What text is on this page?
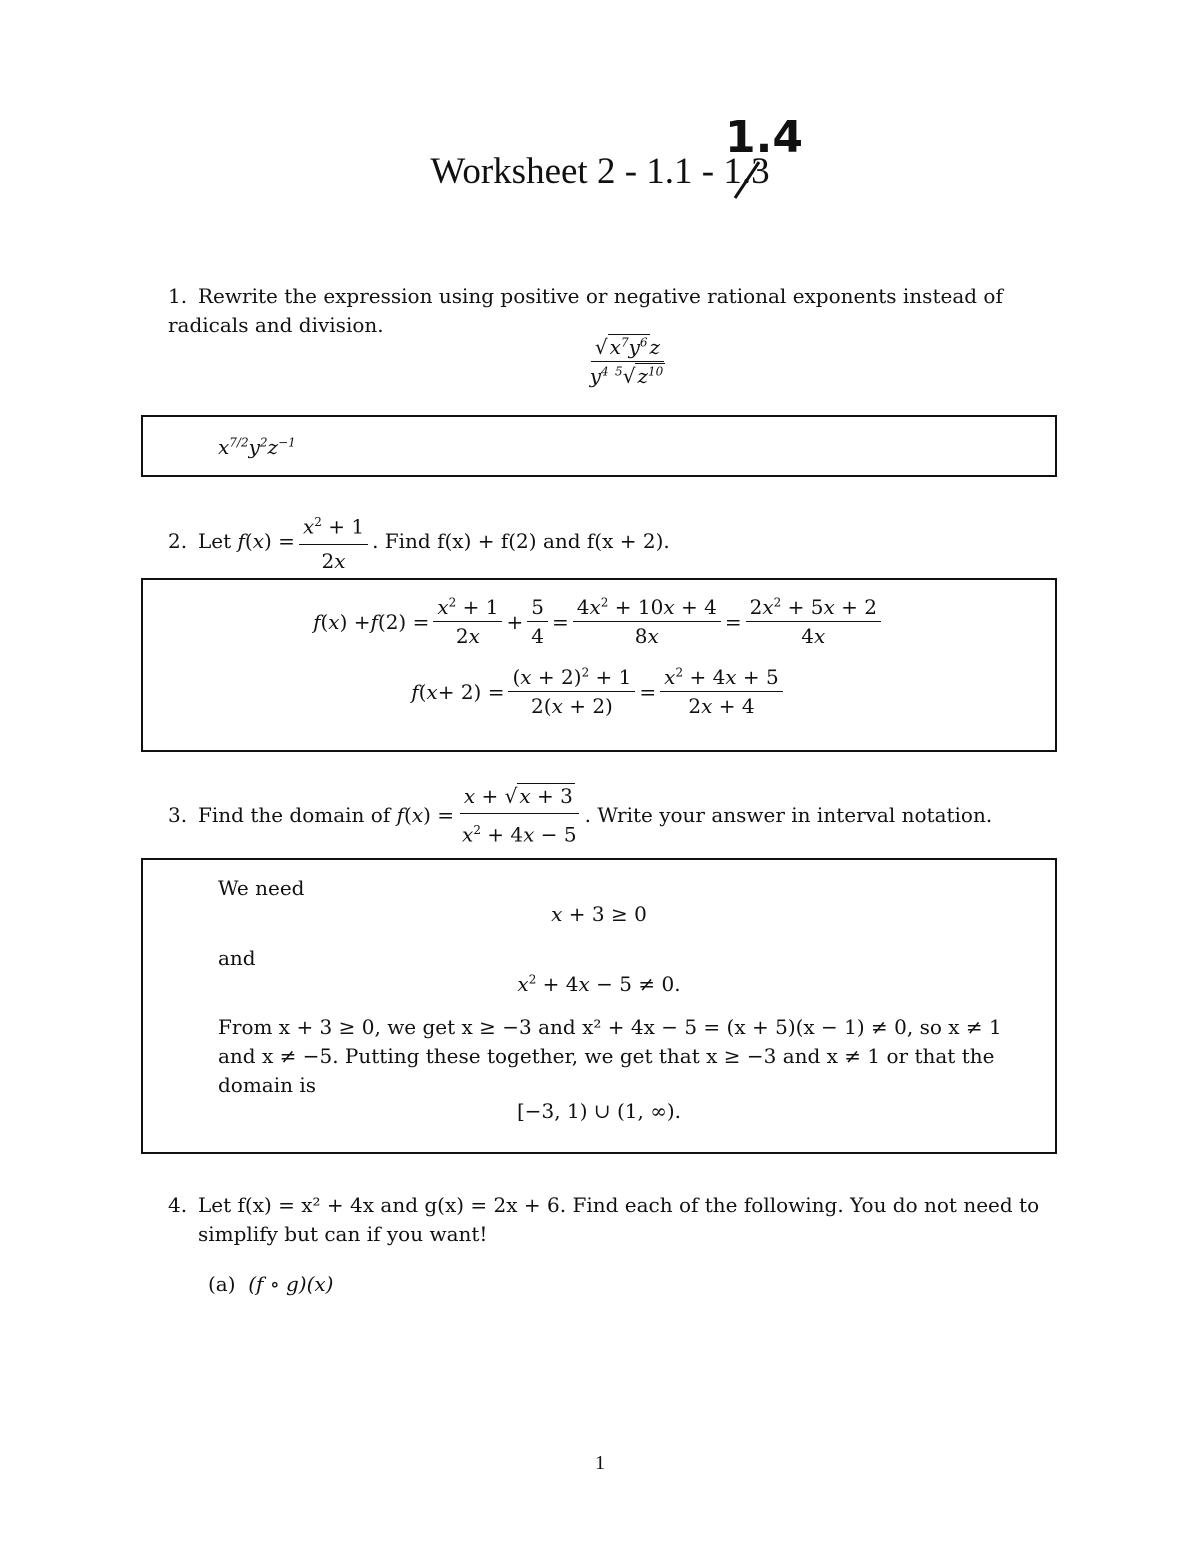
Worksheet 2 - 1.1 - 1.3
1.4
1. Rewrite the expression using positive or negative rational exponents instead of radicals and division.
$\frac{√ x^7y^6 z}{y^4 ^5√ z^{10}}$
$x^{7/2}y^2z^{-1}$
2. Let
f ( x ) = $\frac{x^2 + 1}{2x}$ . Find f(x) + f(2) and f(x + 2).
f ( x ) + f $(2) = \frac{x^2 + 1}{2x} + \frac{5}{4} = \frac{4x^2 + 10x + 4}{8x} = \frac{2x^2 + 5x + 2}{4x}$
f ( $x + 2) = \frac{(x + 2)^2 + 1}{2(x + 2)} = \frac{x^2 + 4x + 5}{2x + 4}$
3. Find the domain of
f ( x ) = $\frac{x + √ x + 3}{x^2 + 4x - 5}$ . Write your answer in interval notation.
We need
x + 3 ≥ 0
and
$x^2 + 4x - 5 \ne 0$.
From x + 3 ≥ 0, we get x ≥ −3 and x² + 4x − 5 = (x + 5)(x − 1) ≠ 0, so x ≠ 1
and x ≠ −5. Putting these together, we get that x ≥ −3 and x ≠ 1 or that the
domain is
[−3, 1) ∪ (1, ∞).
4. Let f(x) = x² + 4x and g(x) = 2x + 6. Find each of the following. You do not need to
simplify but can if you want!
(a) (f ∘ g)(x)
1
